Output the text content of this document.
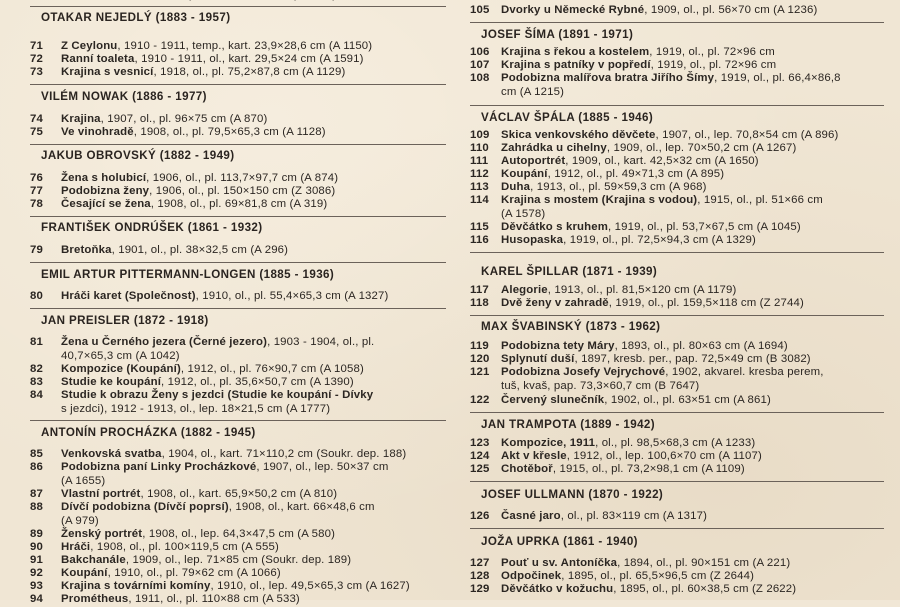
OTAKAR NEJEDLÝ (1883 - 1957)
71 Z Ceylonu, 1910 - 1911, temp., kart. 23,9×28,6 cm (A 1150)
72 Ranní toaleta, 1910 - 1911, ol., kart. 29,5×24 cm (A 1591)
73 Krajina s vesnicí, 1918, ol., pl. 75,2×87,8 cm (A 1129)
VILÉM NOWAK (1886 - 1977)
74 Krajina, 1907, ol., pl. 96×75 cm (A 870)
75 Ve vinohradě, 1908, ol., pl. 79,5×65,3 cm (A 1128)
JAKUB OBROVSKÝ (1882 - 1949)
76 Žena s holubicí, 1906, ol., pl. 113,7×97,7 cm (A 874)
77 Podobizna ženy, 1906, ol., pl. 150×150 cm (Z 3086)
78 Česající se žena, 1908, ol., pl. 69×81,8 cm (A 319)
FRANTIŠEK ONDRÚŠEK (1861 - 1932)
79 Bretoňka, 1901, ol., pl. 38×32,5 cm (A 296)
EMIL ARTUR PITTERMANN-LONGEN (1885 - 1936)
80 Hráči karet (Společnost), 1910, ol., pl. 55,4×65,3 cm (A 1327)
JAN PREISLER (1872 - 1918)
81 Žena u Černého jezera (Černé jezero), 1903 - 1904, ol., pl.
40,7×65,3 cm (A 1042)
82 Kompozice (Koupání), 1912, ol., pl. 76×90,7 cm (A 1058)
83 Studie ke koupání, 1912, ol., pl. 35,6×50,7 cm (A 1390)
84 Studie k obrazu Ženy s jezdci (Studie ke koupání - Dívky
s jezdci), 1912 - 1913, ol., lep. 18×21,5 cm (A 1777)
ANTONÍN PROCHÁZKA (1882 - 1945)
85 Venkovská svatba, 1904, ol., kart. 71×110,2 cm (Soukr. dep. 188)
86 Podobizna paní Linky Procházkové, 1907, ol., lep. 50×37 cm
(A 1655)
87 Vlastní portrét, 1908, ol., kart. 65,9×50,2 cm (A 810)
88 Dívčí podobizna (Dívčí poprsí), 1908, ol., kart. 66×48,6 cm
(A 979)
89 Ženský portrét, 1908, ol., lep. 64,3×47,5 cm (A 580)
90 Hráči, 1908, ol., pl. 100×119,5 cm (A 555)
91 Bakchanále, 1909, ol., lep. 71×85 cm (Soukr. dep. 189)
92 Koupání, 1910, ol., pl. 79×62 cm (A 1066)
93 Krajina s továrními komíny, 1910, ol., lep. 49,5×65,3 cm (A 1627)
94 Prométheus, 1911, ol., pl. 110×88 cm (A 533)
105 Dvorky u Německé Rybné, 1909, ol., pl. 56×70 cm (A 1236)
JOSEF ŠÍMA (1891 - 1971)
106 Krajina s řekou a kostelem, 1919, ol., pl. 72×96 cm
107 Krajina s patníky v popředí, 1919, ol., pl. 72×96 cm
108 Podobizna malířova bratra Jiřího Šímy, 1919, ol., pl. 66,4×86,8
cm (A 1215)
VÁCLAV ŠPÁLA (1885 - 1946)
109 Skica venkovského děvčete, 1907, ol., lep. 70,8×54 cm (A 896)
110 Zahrádka u cihelny, 1909, ol., lep. 70×50,2 cm (A 1267)
111 Autoportrét, 1909, ol., kart. 42,5×32 cm (A 1650)
112 Koupání, 1912, ol., pl. 49×71,3 cm (A 895)
113 Duha, 1913, ol., pl. 59×59,3 cm (A 968)
114 Krajina s mostem (Krajina s vodou), 1915, ol., pl. 51×66 cm
(A 1578)
115 Děvčátko s kruhem, 1919, ol., pl. 53,7×67,5 cm (A 1045)
116 Husopaska, 1919, ol., pl. 72,5×94,3 cm (A 1329)
KAREL ŠPILLAR (1871 - 1939)
117 Alegorie, 1913, ol., pl. 81,5×120 cm (A 1179)
118 Dvě ženy v zahradě, 1919, ol., pl. 159,5×118 cm (Z 2744)
MAX ŠVABINSKÝ (1873 - 1962)
119 Podobizna tety Máry, 1893, ol., pl. 80×63 cm (A 1694)
120 Splynutí duší, 1897, kresb. per., pap. 72,5×49 cm (B 3082)
121 Podobizna Josefy Vejrychové, 1902, akvarel. kresba perem,
tuš, kvaš, pap. 73,3×60,7 cm (B 7647)
122 Červený slunečník, 1902, ol., pl. 63×51 cm (A 861)
JAN TRAMPOTA (1889 - 1942)
123 Kompozice, 1911, ol., pl. 98,5×68,3 cm (A 1233)
124 Akt v křesle, 1912, ol., lep. 100,6×70 cm (A 1107)
125 Chotěboř, 1915, ol., pl. 73,2×98,1 cm (A 1109)
JOSEF ULLMANN (1870 - 1922)
126 Časné jaro, ol., pl. 83×119 cm (A 1317)
JOŽA UPRKA (1861 - 1940)
127 Pouť u sv. Antoníčka, 1894, ol., pl. 90×151 cm (A 221)
128 Odpočinek, 1895, ol., pl. 65,5×96,5 cm (Z 2644)
129 Děvčátko v kožuchu, 1895, ol., pl. 60×38,5 cm (Z 2622)
